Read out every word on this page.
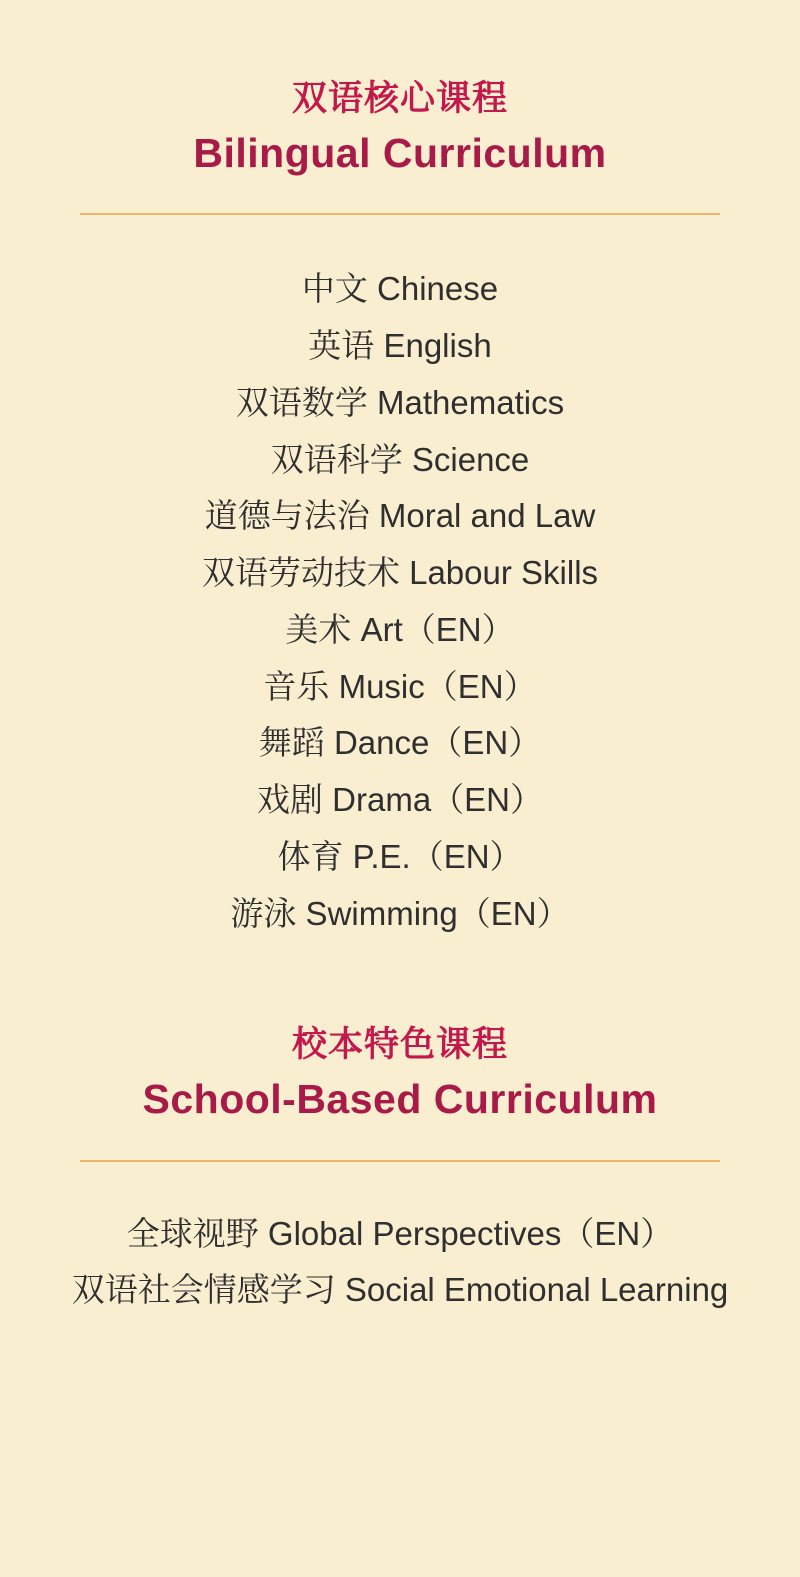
双语核心课程
Bilingual Curriculum
中文 Chinese
英语 English
双语数学 Mathematics
双语科学 Science
道德与法治 Moral and Law
双语劳动技术 Labour Skills
美术 Art（EN）
音乐 Music（EN）
舞蹈 Dance（EN）
戏剧 Drama（EN）
体育 P.E.（EN）
游泳 Swimming（EN）
校本特色课程
School-Based Curriculum
全球视野 Global Perspectives（EN）
双语社会情感学习 Social Emotional Learning
